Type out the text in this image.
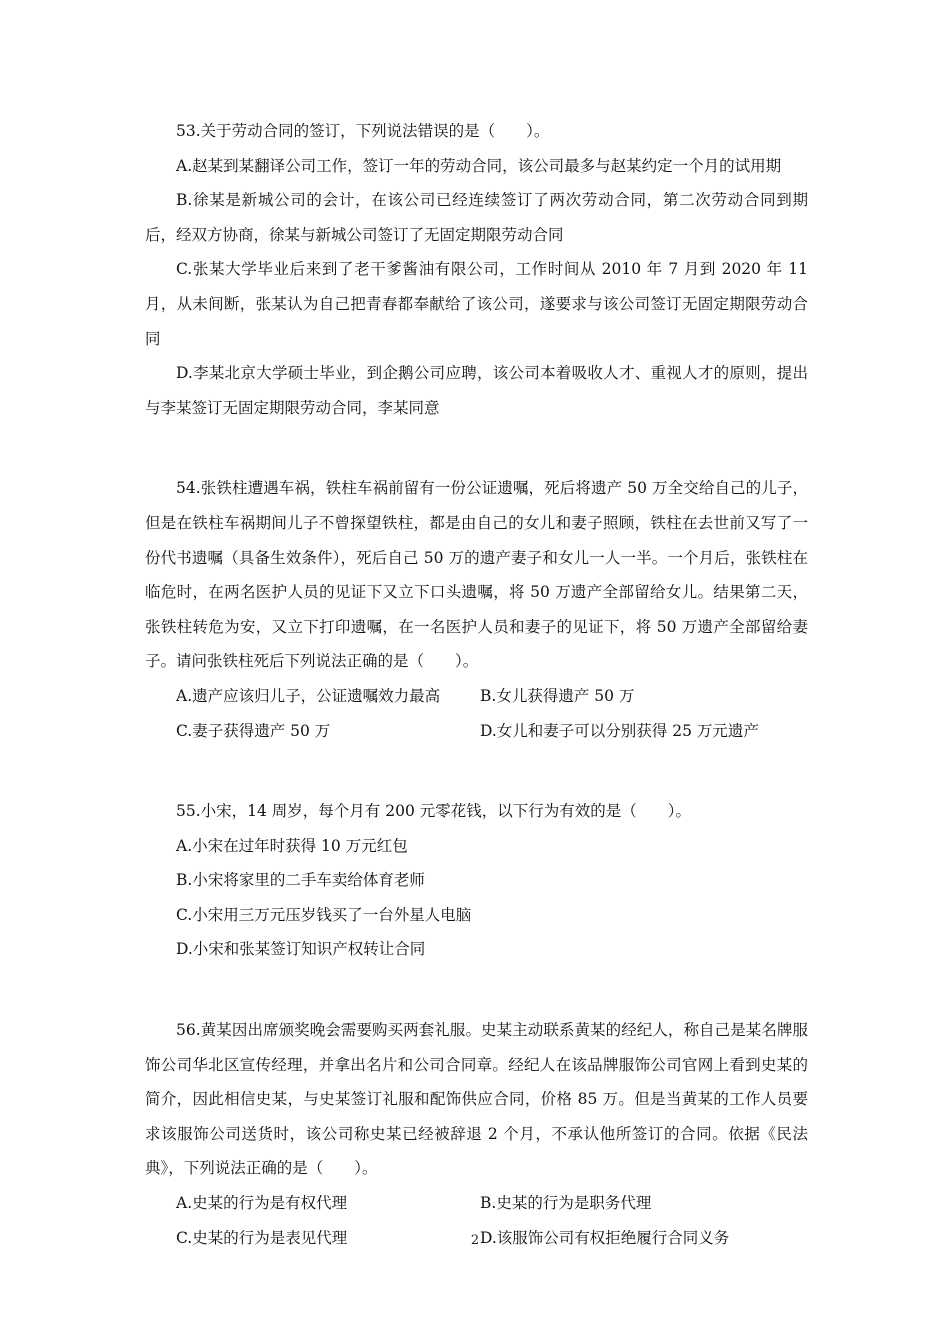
53.关于劳动合同的签订，下列说法错误的是（　　）。

A.赵某到某翻译公司工作，签订一年的劳动合同，该公司最多与赵某约定一个月的试用期

B.徐某是新城公司的会计，在该公司已经连续签订了两次劳动合同，第二次劳动合同到期后，经双方协商，徐某与新城公司签订了无固定期限劳动合同

C.张某大学毕业后来到了老干爹酱油有限公司，工作时间从 2010 年 7 月到 2020 年 11 月，从未间断，张某认为自己把青春都奉献给了该公司，遂要求与该公司签订无固定期限劳动合同

D.李某北京大学硕士毕业，到企鹅公司应聘，该公司本着吸收人才、重视人才的原则，提出与李某签订无固定期限劳动合同，李某同意

54.张铁柱遭遇车祸，铁柱车祸前留有一份公证遗嘱，死后将遗产 50 万全交给自己的儿子，但是在铁柱车祸期间儿子不曾探望铁柱，都是由自己的女儿和妻子照顾，铁柱在去世前又写了一份代书遗嘱（具备生效条件），死后自己 50 万的遗产妻子和女儿一人一半。一个月后，张铁柱在临危时，在两名医护人员的见证下又立下口头遗嘱，将 50 万遗产全部留给女儿。结果第二天，张铁柱转危为安，又立下打印遗嘱，在一名医护人员和妻子的见证下，将 50 万遗产全部留给妻子。请问张铁柱死后下列说法正确的是（　　）。

A.遗产应该归儿子，公证遗嘱效力最高	B.女儿获得遗产 50 万
C.妻子获得遗产 50 万	D.女儿和妻子可以分别获得 25 万元遗产

55.小宋，14 周岁，每个月有 200 元零花钱，以下行为有效的是（　　）。

A.小宋在过年时获得 10 万元红包

B.小宋将家里的二手车卖给体育老师

C.小宋用三万元压岁钱买了一台外星人电脑

D.小宋和张某签订知识产权转让合同

56.黄某因出席颁奖晚会需要购买两套礼服。史某主动联系黄某的经纪人，称自己是某名牌服饰公司华北区宣传经理，并拿出名片和公司合同章。经纪人在该品牌服饰公司官网上看到史某的简介，因此相信史某，与史某签订礼服和配饰供应合同，价格 85 万。但是当黄某的工作人员要求该服饰公司送货时，该公司称史某已经被辞退 2 个月，不承认他所签订的合同。依据《民法典》，下列说法正确的是（　　）。

A.史某的行为是有权代理	B.史某的行为是职务代理
C.史某的行为是表见代理	D.该服饰公司有权拒绝履行合同义务
2
